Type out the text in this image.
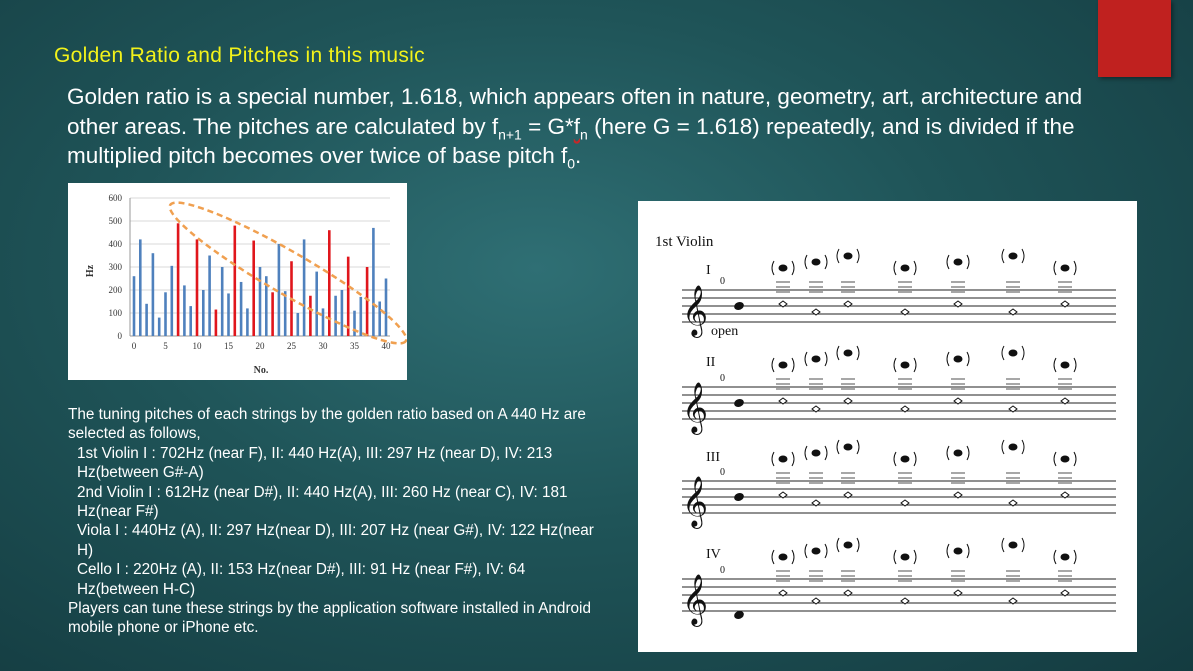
Golden Ratio and Pitches in this music
Golden ratio is a special number, 1.618, which appears often in nature, geometry, art, architecture and other areas. The pitches are calculated by $f_{n+1} = G*f_n$ (here G = 1.618) repeatedly, and is divided if the multiplied pitch becomes over twice of base pitch $f_0$.
600
500
400
300
200
100
0
0	5	10	15	20	25	30	35	40
Hz
No.

The tuning pitches of each strings by the golden ratio based on A 440 Hz are selected as follows,

1st Violin I : 702Hz (near F), II: 440 Hz(A), III: 297 Hz (near D), IV: 213 Hz(between G#-A)

2nd Violin I : 612Hz (near D#), II: 440 Hz(A), III: 260 Hz (near C), IV: 181 Hz(near F#)

Viola I : 440Hz (A), II: 297 Hz(near D), III: 207 Hz (near G#), IV: 122 Hz(near H)

Cello I : 220Hz (A), II: 153 Hz(near D#), III: 91 Hz (near F#), IV: 64 Hz(between H-C)

Players can tune these strings by the application software installed in Android mobile phone or iPhone etc.

1st Violin
I
open
II
III
IV
𝄞
0
𝄞
0
𝄞
0
𝄞
0
